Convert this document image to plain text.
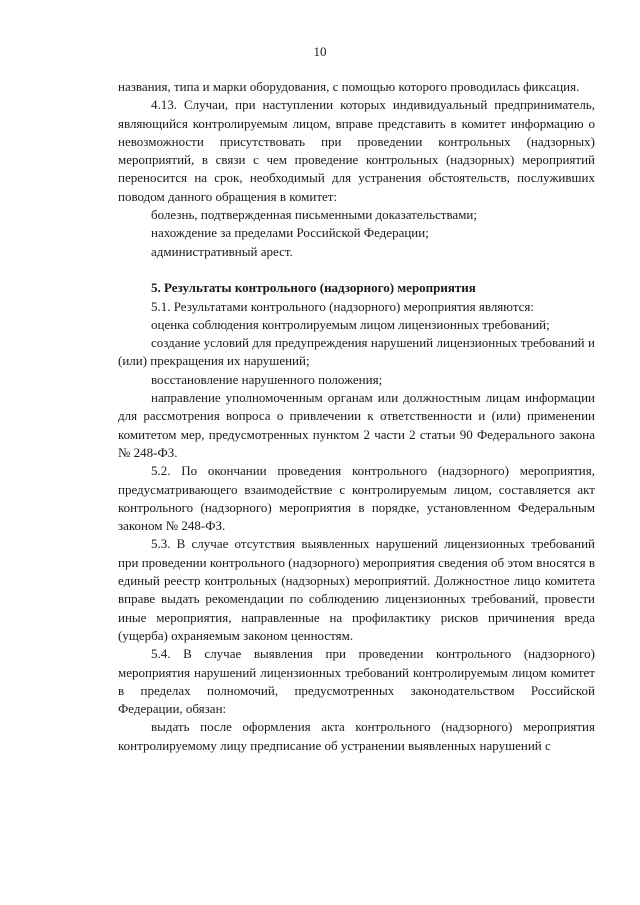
10

названия, типа и марки оборудования, с помощью которого проводилась фиксация.

4.13. Случаи, при наступлении которых индивидуальный предприниматель, являющийся контролируемым лицом, вправе представить в комитет информацию о невозможности присутствовать при проведении контрольных (надзорных) мероприятий, в связи с чем проведение контрольных (надзорных) мероприятий переносится на срок, необходимый для устранения обстоятельств, послуживших поводом данного обращения в комитет:

болезнь, подтвержденная письменными доказательствами;

нахождение за пределами Российской Федерации;

административный арест.

5. Результаты контрольного (надзорного) мероприятия

5.1. Результатами контрольного (надзорного) мероприятия являются:

оценка соблюдения контролируемым лицом лицензионных требований;

создание условий для предупреждения нарушений лицензионных требований и (или) прекращения их нарушений;

восстановление нарушенного положения;

направление уполномоченным органам или должностным лицам информации для рассмотрения вопроса о привлечении к ответственности и (или) применении комитетом мер, предусмотренных пунктом 2 части 2 статьи 90 Федерального закона № 248-ФЗ.

5.2. По окончании проведения контрольного (надзорного) мероприятия, предусматривающего взаимодействие с контролируемым лицом, составляется акт контрольного (надзорного) мероприятия в порядке, установленном Федеральным законом № 248-ФЗ.

5.3. В случае отсутствия выявленных нарушений лицензионных требований при проведении контрольного (надзорного) мероприятия сведения об этом вносятся в единый реестр контрольных (надзорных) мероприятий. Должностное лицо комитета вправе выдать рекомендации по соблюдению лицензионных требований, провести иные мероприятия, направленные на профилактику рисков причинения вреда (ущерба) охраняемым законом ценностям.

5.4. В случае выявления при проведении контрольного (надзорного) мероприятия нарушений лицензионных требований контролируемым лицом комитет в пределах полномочий, предусмотренных законодательством Российской Федерации, обязан:

выдать после оформления акта контрольного (надзорного) мероприятия контролируемому лицу предписание об устранении выявленных нарушений с
